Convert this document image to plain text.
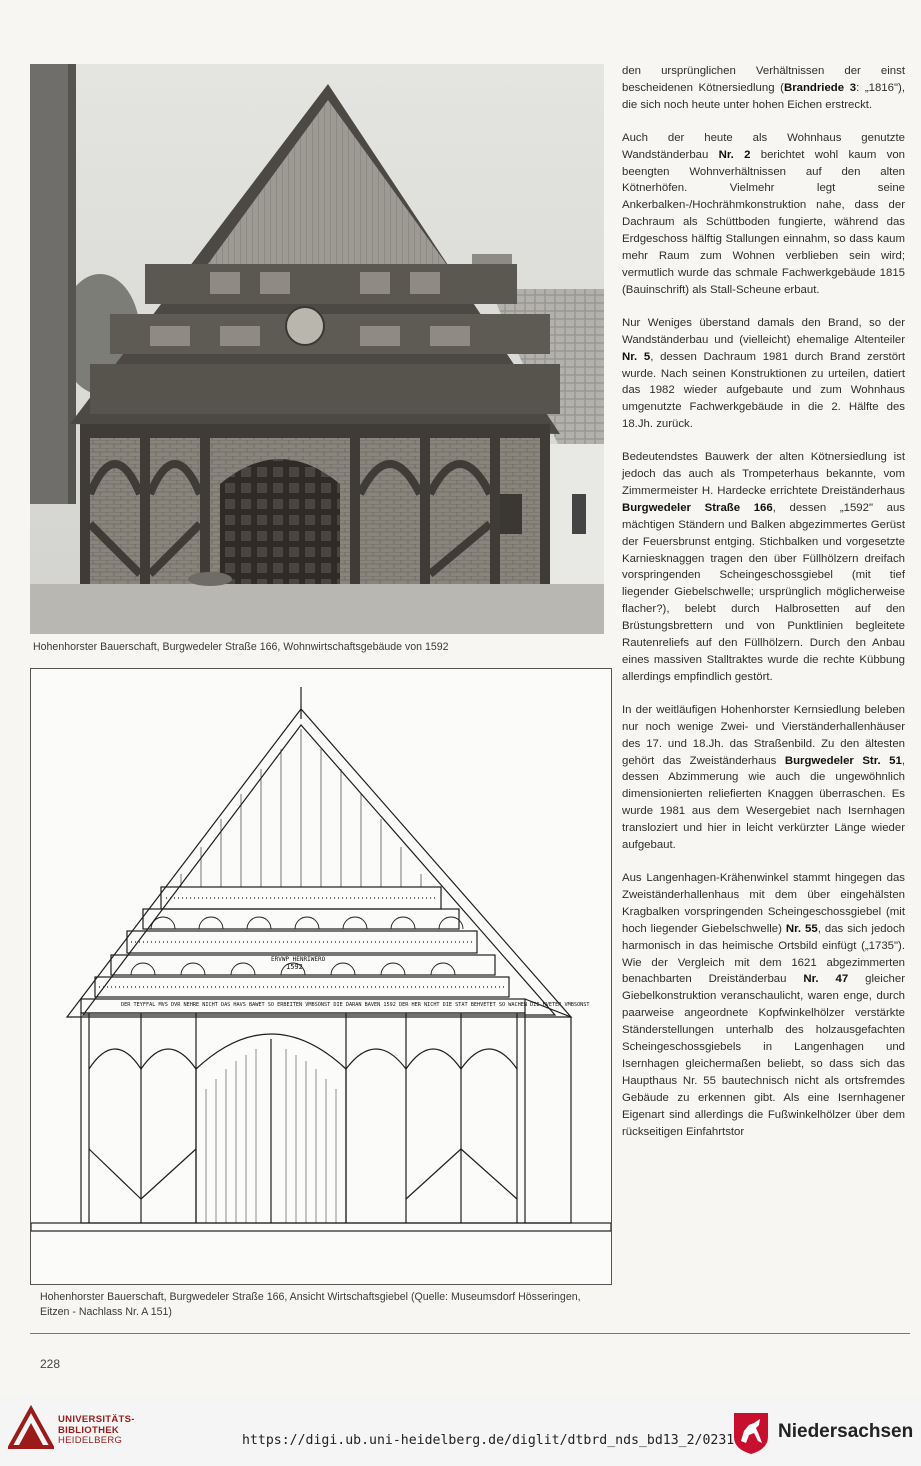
Hohenhorster Bauerschaft, Burgwedeler Straße 166, Wohnwirtschaftsgebäude von 1592
DER TEYFFAL MVS DVR NEHRE NICHT DAS HAVS BAWET SO ERBEITEN VMBSONST DIE DARAN BAVEN 1592 DER HER NICHT DIE STAT BEHVETET SO WACHEN DIE HVETER VMBSONST
1592
ERVWP HENRIWERO
Hohenhorster Bauerschaft, Burgwedeler Straße 166, Ansicht Wirtschaftsgiebel (Quelle: Museumsdorf Hösseringen, Eitzen - Nachlass Nr. A 151)

den ursprünglichen Verhältnissen der einst bescheidenen Kötnersiedlung (Brandriede 3: „1816"), die sich noch heute unter hohen Eichen erstreckt.

Auch der heute als Wohnhaus genutzte Wandständerbau Nr. 2 berichtet wohl kaum von beengten Wohnverhältnissen auf den alten Kötnerhöfen. Vielmehr legt seine Ankerbalken-/Hochrähmkonstruktion nahe, dass der Dachraum als Schüttboden fungierte, während das Erdgeschoss hälftig Stallungen einnahm, so dass kaum mehr Raum zum Wohnen verblieben sein wird; vermutlich wurde das schmale Fachwerkgebäude 1815 (Bauinschrift) als Stall-Scheune erbaut.

Nur Weniges überstand damals den Brand, so der Wandständerbau und (vielleicht) ehemalige Altenteiler Nr. 5, dessen Dachraum 1981 durch Brand zerstört wurde. Nach seinen Konstruktionen zu urteilen, datiert das 1982 wieder aufgebaute und zum Wohnhaus umgenutzte Fachwerkgebäude in die 2. Hälfte des 18.Jh. zurück.

Bedeutendstes Bauwerk der alten Kötnersiedlung ist jedoch das auch als Trompeterhaus bekannte, vom Zimmermeister H. Hardecke errichtete Dreiständerhaus Burgwedeler Straße 166, dessen „1592" aus mächtigen Ständern und Balken abgezimmertes Gerüst der Feuersbrunst entging. Stichbalken und vorgesetzte Karniesknaggen tragen den über Füllhölzern dreifach vorspringenden Scheingeschossgiebel (mit tief liegender Giebelschwelle; ursprünglich möglicherweise flacher?), belebt durch Halbrosetten auf den Brüstungsbrettern und von Punktlinien begleitete Rautenreliefs auf den Füllhölzern. Durch den Anbau eines massiven Stalltraktes wurde die rechte Kübbung allerdings empfindlich gestört.

In der weitläufigen Hohenhorster Kernsiedlung beleben nur noch wenige Zwei- und Vierständerhallenhäuser des 17. und 18.Jh. das Straßenbild. Zu den ältesten gehört das Zweiständerhaus Burgwedeler Str. 51, dessen Abzimmerung wie auch die ungewöhnlich dimensionierten reliefierten Knaggen überraschen. Es wurde 1981 aus dem Wesergebiet nach Isernhagen transloziert und hier in leicht verkürzter Länge wieder aufgebaut.

Aus Langenhagen-Krähenwinkel stammt hingegen das Zweiständerhallenhaus mit dem über eingehälsten Kragbalken vorspringenden Scheingeschossgiebel (mit hoch liegender Giebelschwelle) Nr. 55, das sich jedoch harmonisch in das heimische Ortsbild einfügt („1735"). Wie der Vergleich mit dem 1621 abgezimmerten benachbarten Dreiständerbau Nr. 47 gleicher Giebelkonstruktion veranschaulicht, waren enge, durch paarweise angeordnete Kopfwinkelhölzer verstärkte Ständerstellungen unterhalb des holzausgefachten Scheingeschossgiebels in Langenhagen und Isernhagen gleichermaßen beliebt, so dass sich das Haupthaus Nr. 55 bautechnisch nicht als ortsfremdes Gebäude zu erkennen gibt. Als eine Isernhagener Eigenart sind allerdings die Fußwinkelhölzer über dem rückseitigen Einfahrtstor

228
UNIVERSITÄTS-
BIBLIOTHEK
HEIDELBERG	https://digi.ub.uni-heidelberg.de/diglit/dtbrd_nds_bd13_2/0231 Niedersachsen
